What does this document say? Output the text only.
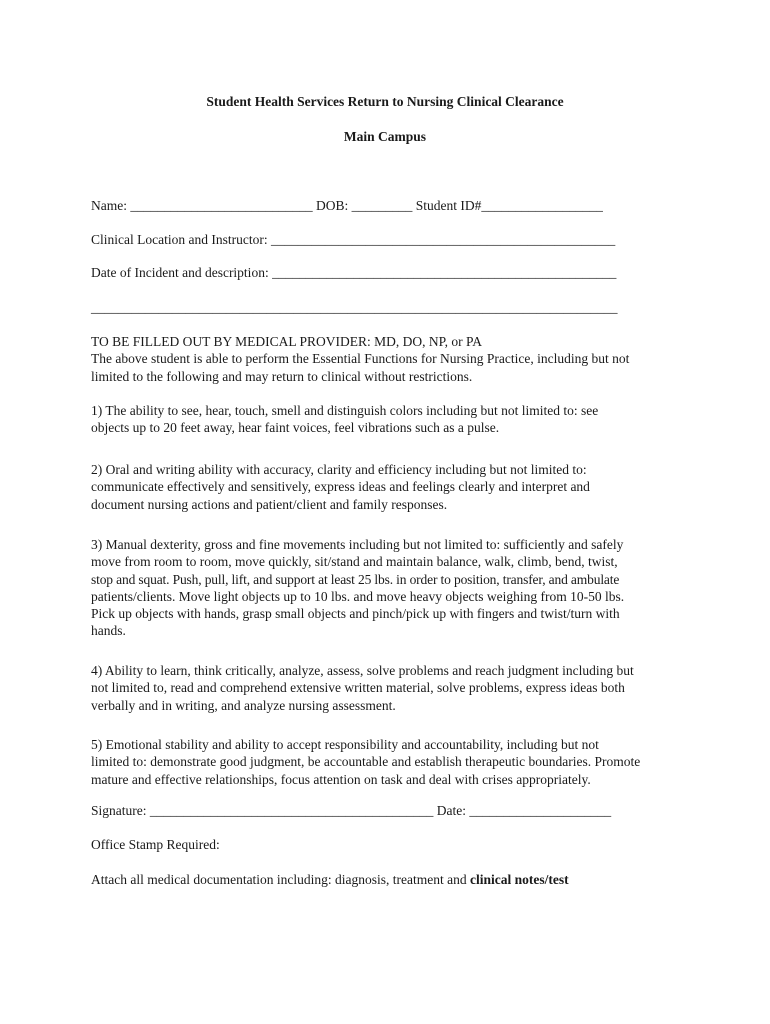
Student Health Services Return to Nursing Clinical Clearance
Main Campus
Name: ___________________________ DOB: _________ Student ID#__________________
Clinical Location and Instructor: ___________________________________________________
Date of Incident and description: ___________________________________________________
______________________________________________________________________________
TO BE FILLED OUT BY MEDICAL PROVIDER: MD, DO, NP, or PA
The above student is able to perform the Essential Functions for Nursing Practice, including but not
limited to the following and may return to clinical without restrictions.
1) The ability to see, hear, touch, smell and distinguish colors including but not limited to: see
objects up to 20 feet away, hear faint voices, feel vibrations such as a pulse.
2) Oral and writing ability with accuracy, clarity and efficiency including but not limited to:
communicate effectively and sensitively, express ideas and feelings clearly and interpret and
document nursing actions and patient/client and family responses.
3) Manual dexterity, gross and fine movements including but not limited to: sufficiently and safely
move from room to room, move quickly, sit/stand and maintain balance, walk, climb, bend, twist,
stop and squat. Push, pull, lift, and support at least 25 lbs. in order to position, transfer, and ambulate
patients/clients. Move light objects up to 10 lbs. and move heavy objects weighing from 10-50 lbs.
Pick up objects with hands, grasp small objects and pinch/pick up with fingers and twist/turn with
hands.
4) Ability to learn, think critically, analyze, assess, solve problems and reach judgment including but
not limited to, read and comprehend extensive written material, solve problems, express ideas both
verbally and in writing, and analyze nursing assessment.
5) Emotional stability and ability to accept responsibility and accountability, including but not
limited to: demonstrate good judgment, be accountable and establish therapeutic boundaries. Promote
mature and effective relationships, focus attention on task and deal with crises appropriately.
Signature: __________________________________________ Date: _____________________
Office Stamp Required:
Attach all medical documentation including: diagnosis, treatment and clinical notes/test
